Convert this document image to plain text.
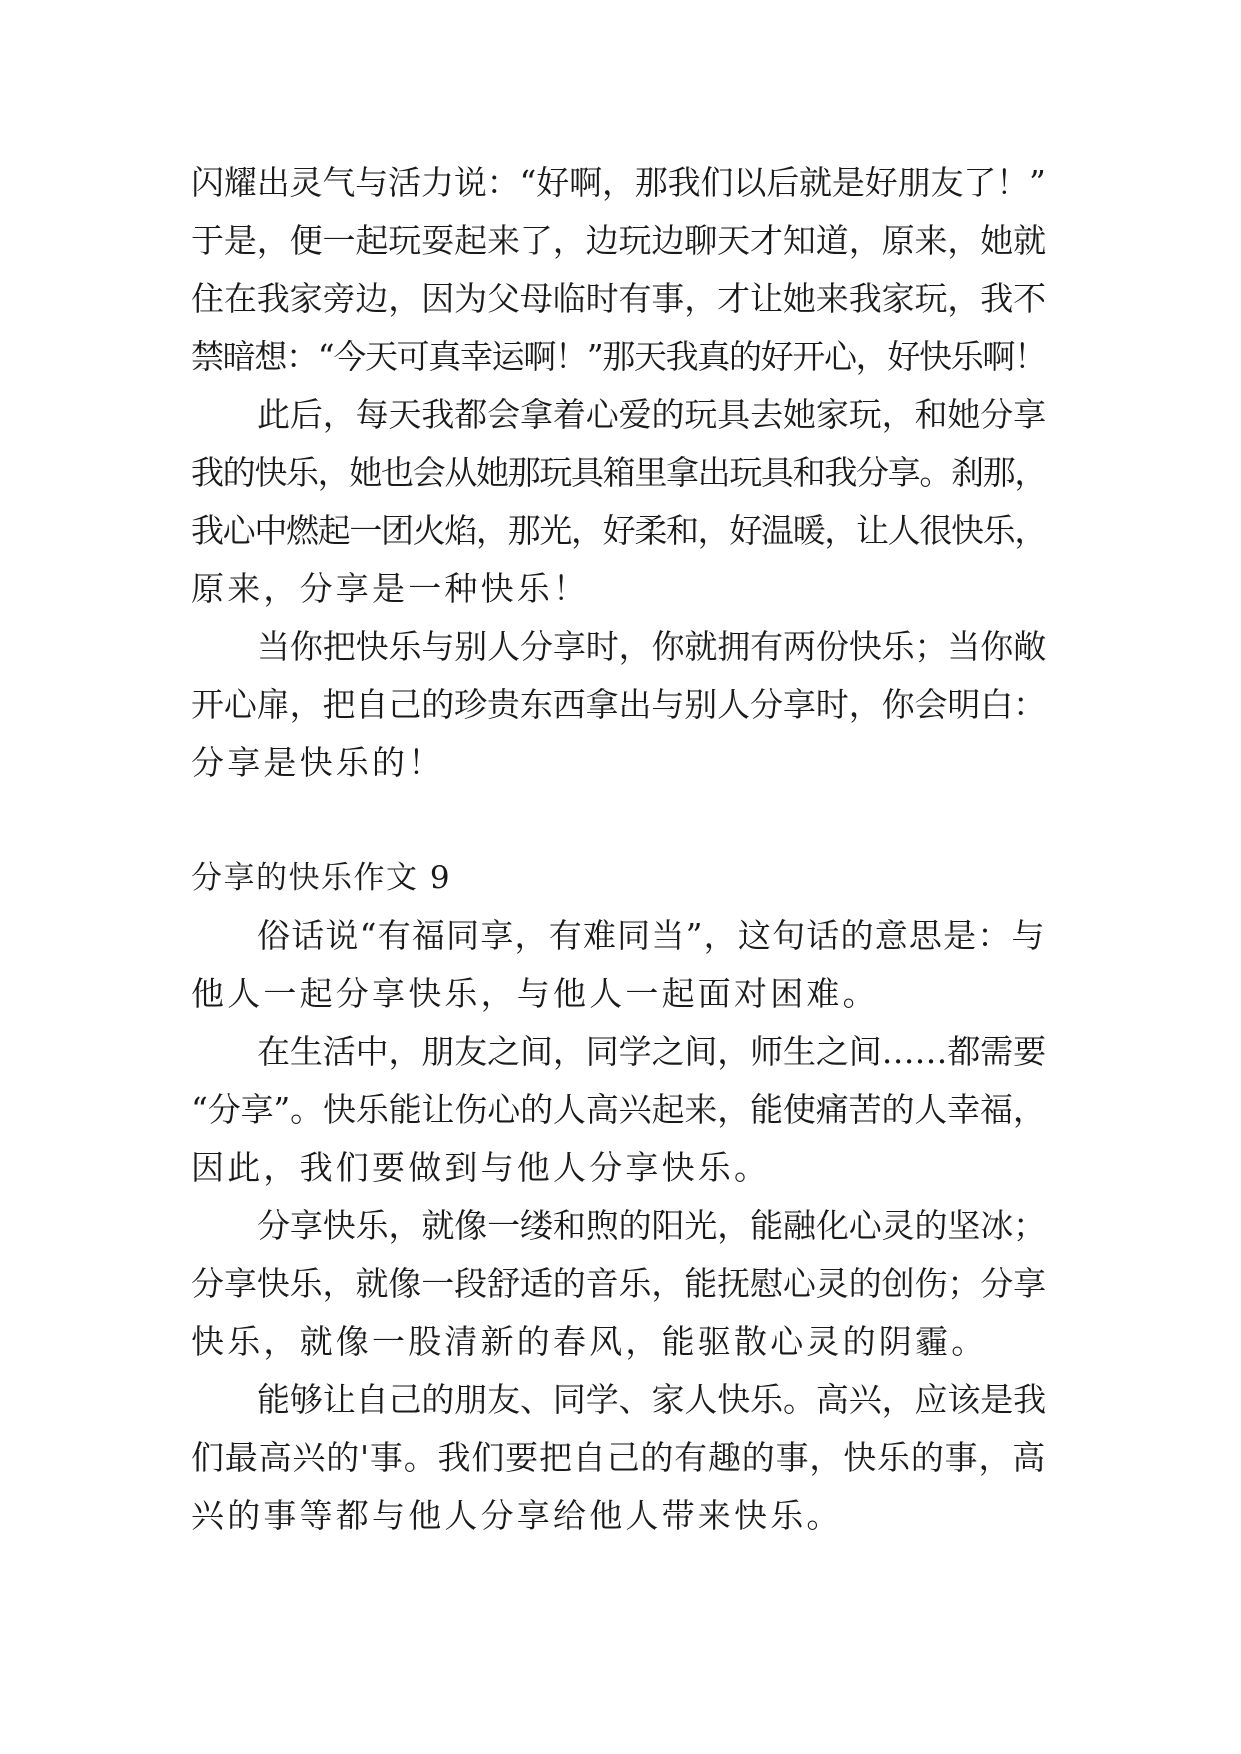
闪耀出灵气与活力说：“好啊，那我们以后就是好朋友了！”
于是，便一起玩耍起来了，边玩边聊天才知道，原来，她就
住在我家旁边，因为父母临时有事，才让她来我家玩，我不
禁暗想：“今天可真幸运啊！”那天我真的好开心，好快乐啊！
此后，每天我都会拿着心爱的玩具去她家玩，和她分享
我的快乐，她也会从她那玩具箱里拿出玩具和我分享。刹那，
我心中燃起一团火焰，那光，好柔和，好温暖，让人很快乐，
原来，分享是一种快乐！
当你把快乐与别人分享时，你就拥有两份快乐；当你敞
开心扉，把自己的珍贵东西拿出与别人分享时，你会明白：
分享是快乐的！
分享的快乐作文 9
俗话说“有福同享，有难同当”，这句话的意思是：与
他人一起分享快乐，与他人一起面对困难。
在生活中，朋友之间，同学之间，师生之间……都需要
“分享”。快乐能让伤心的人高兴起来，能使痛苦的人幸福，
因此，我们要做到与他人分享快乐。
分享快乐，就像一缕和煦的阳光，能融化心灵的坚冰；
分享快乐，就像一段舒适的音乐，能抚慰心灵的创伤；分享
快乐，就像一股清新的春风，能驱散心灵的阴霾。
能够让自己的朋友、同学、家人快乐。高兴，应该是我
们最高兴的'事。我们要把自己的有趣的事，快乐的事，高
兴的事等都与他人分享给他人带来快乐。
